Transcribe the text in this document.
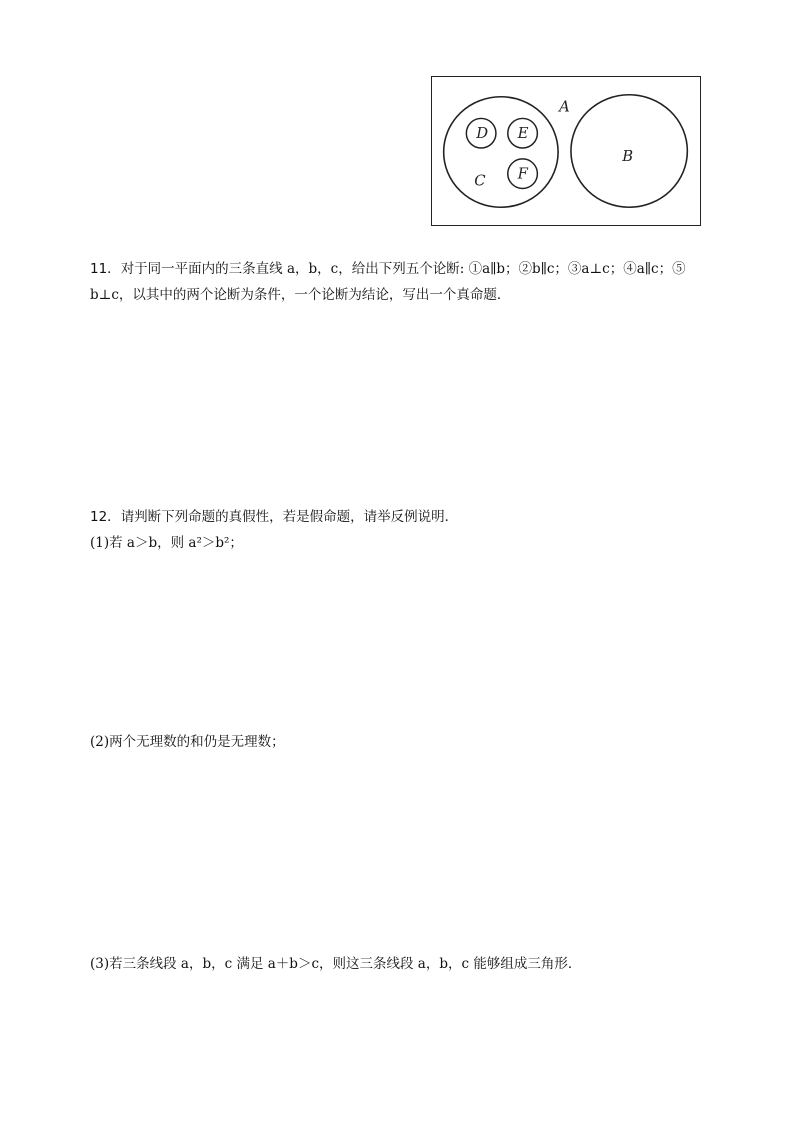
A
B
C
D E
F
11．对于同一平面内的三条直线 a，b，c，给出下列五个论断: ①a∥b；②b∥c；③a⊥c；④a∥c；⑤
b⊥c，以其中的两个论断为条件，一个论断为结论，写出一个真命题．
12．请判断下列命题的真假性，若是假命题，请举反例说明．
(1)若 a＞b，则 a²＞b²；
(2)两个无理数的和仍是无理数；
(3)若三条线段 a，b，c 满足 a＋b＞c，则这三条线段 a，b，c 能够组成三角形．
